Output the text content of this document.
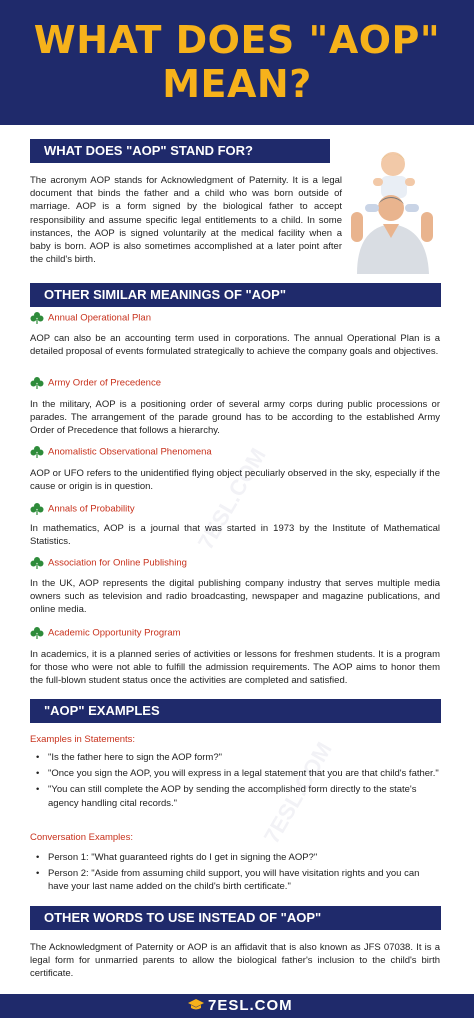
WHAT DOES "AOP"
MEAN?
WHAT DOES "AOP" STAND FOR?

The acronym AOP stands for Acknowledgment of Paternity. It is a legal document that binds the father and a child who was born outside of marriage. AOP is a form signed by the biological father to accept responsibility and assume specific legal entitlements to a child. In some instances, the AOP is signed voluntarily at the medical facility when a baby is born. AOP is also sometimes accomplished at a later point after the child's birth.

OTHER SIMILAR MEANINGS OF "AOP"
Annual Operational Plan

AOP can also be an accounting term used in corporations. The annual Operational Plan is a detailed proposal of events formulated strategically to achieve the company goals and objectives.

Army Order of Precedence

In the military, AOP is a positioning order of several army corps during public processions or parades. The arrangement of the parade ground has to be according to the established Army Order of Precedence that follows a hierarchy.

Anomalistic Observational Phenomena

AOP or UFO refers to the unidentified flying object peculiarly observed in the sky, especially if the cause or origin is in question.

Annals of Probability

In mathematics, AOP is a journal that was started in 1973 by the Institute of Mathematical Statistics.

Association for Online Publishing

In the UK, AOP represents the digital publishing company industry that serves multiple media owners such as television and radio broadcasting, newspaper and magazine publications, and online media.

Academic Opportunity Program

In academics, it is a planned series of activities or lessons for freshmen students. It is a program for those who were not able to fulfill the admission requirements. The AOP aims to honor them the full-blown student status once the activities are completed and satisfied.

"AOP" EXAMPLES
Examples in Statements:
• "Is the father here to sign the AOP form?"
• "Once you sign the AOP, you will express in a legal statement that you are that child's father."
• "You can still complete the AOP by sending the accomplished form directly to the state's agency handling cital records."
Conversation Examples:
• Person 1: "What guaranteed rights do I get in signing the AOP?"
• Person 2: "Aside from assuming child support, you will have visitation rights and you can have your last name added on the child's birth certificate."
OTHER WORDS TO USE INSTEAD OF "AOP"

The Acknowledgment of Paternity or AOP is an affidavit that is also known as JFS 07038. It is a legal form for unmarried parents to allow the biological father's inclusion to the child's birth certificate.

7ESL.COM
7ESL.COM
7ESL.COM
